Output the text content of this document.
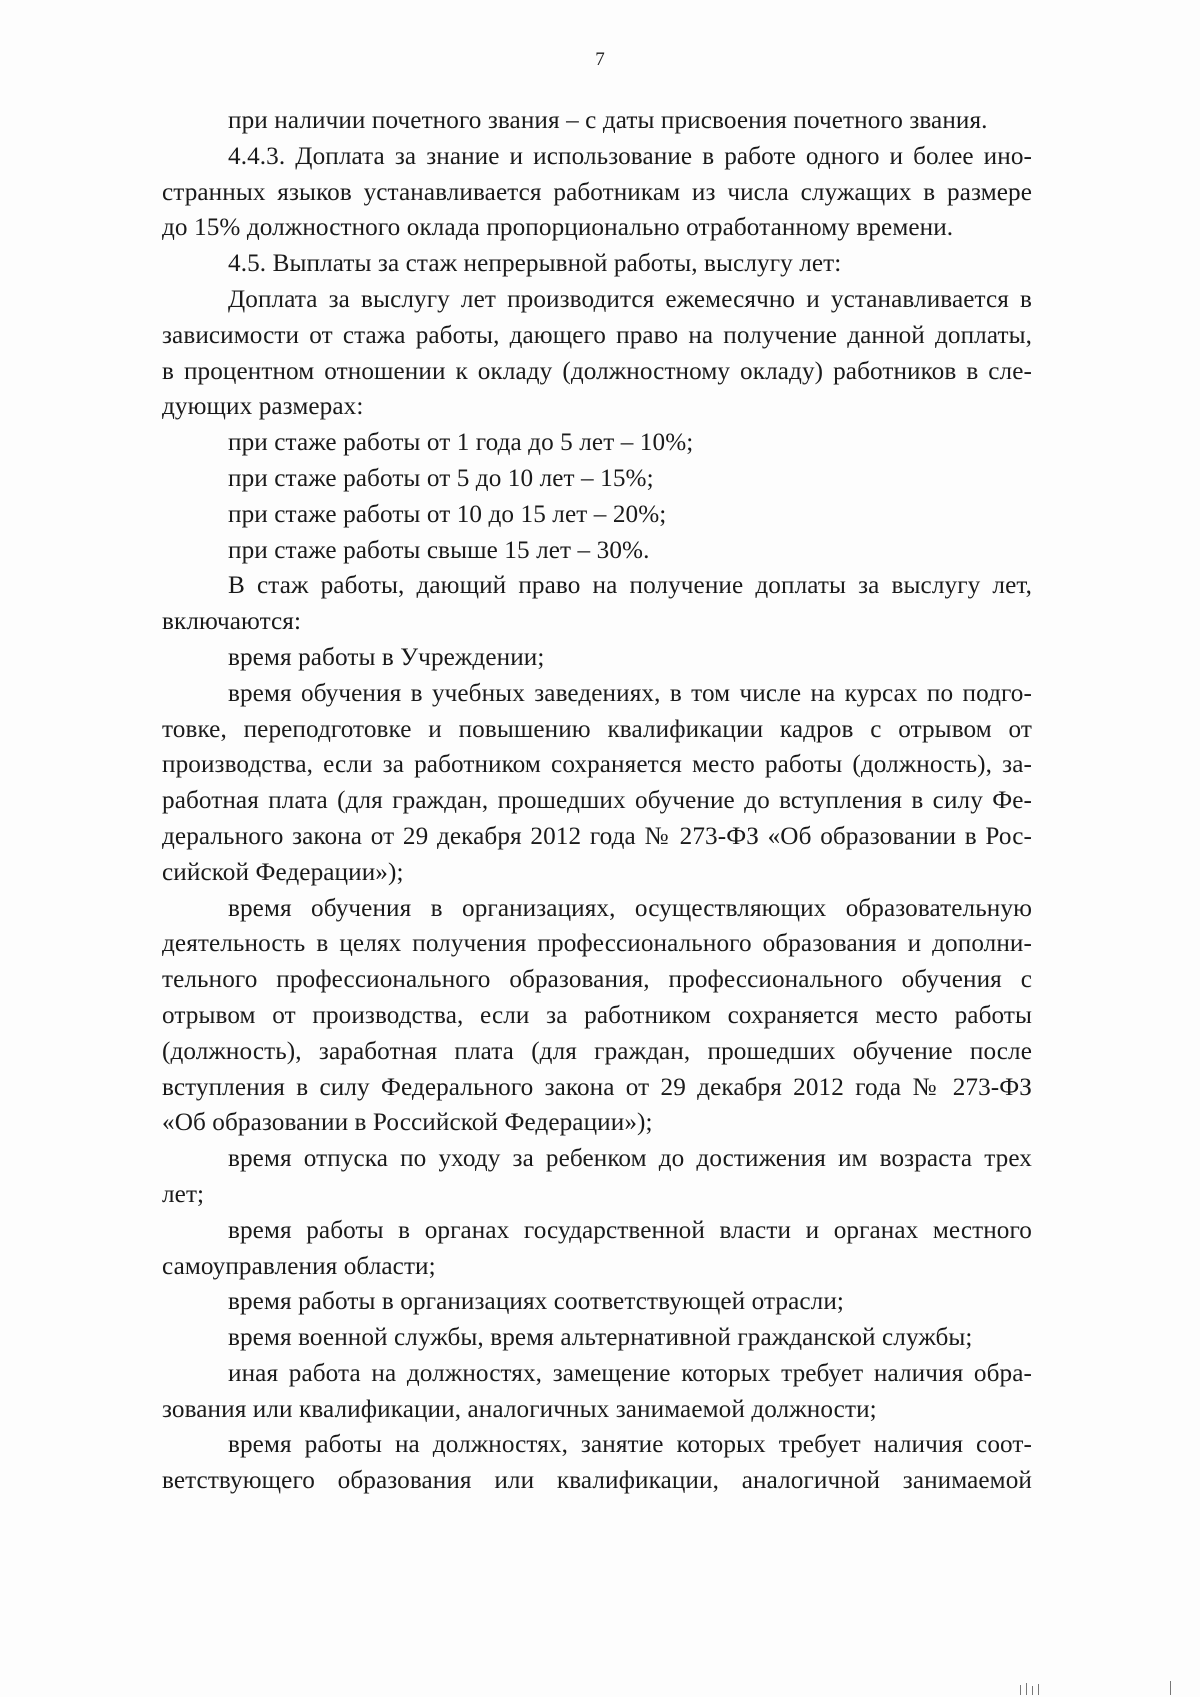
7
при наличии почетного звания – с даты присвоения почетного звания.
4.4.3. Доплата за знание и использование в работе одного и более ино-
странных языков устанавливается работникам из числа служащих в размере
до 15% должностного оклада пропорционально отработанному времени.
4.5. Выплаты за стаж непрерывной работы, выслугу лет:
Доплата за выслугу лет производится ежемесячно и устанавливается в
зависимости от стажа работы, дающего право на получение данной доплаты,
в процентном отношении к окладу (должностному окладу) работников в сле-
дующих размерах:
при стаже работы от 1 года до 5 лет – 10%;
при стаже работы от 5 до 10 лет – 15%;
при стаже работы от 10 до 15 лет – 20%;
при стаже работы свыше 15 лет – 30%.
В стаж работы, дающий право на получение доплаты за выслугу лет,
включаются:
время работы в Учреждении;
время обучения в учебных заведениях, в том числе на курсах по подго-
товке, переподготовке и повышению квалификации кадров с отрывом от
производства, если за работником сохраняется место работы (должность), за-
работная плата (для граждан, прошедших обучение до вступления в силу Фе-
дерального закона от 29 декабря 2012 года № 273-ФЗ «Об образовании в Рос-
сийской Федерации»);
время обучения в организациях, осуществляющих образовательную
деятельность в целях получения профессионального образования и дополни-
тельного профессионального образования, профессионального обучения с
отрывом от производства, если за работником сохраняется место работы
(должность), заработная плата (для граждан, прошедших обучение после
вступления в силу Федерального закона от 29 декабря 2012 года № 273-ФЗ
«Об образовании в Российской Федерации»);
время отпуска по уходу за ребенком до достижения им возраста трех
лет;
время работы в органах государственной власти и органах местного
самоуправления области;
время работы в организациях соответствующей отрасли;
время военной службы, время альтернативной гражданской службы;
иная работа на должностях, замещение которых требует наличия обра-
зования или квалификации, аналогичных занимаемой должности;
время работы на должностях, занятие которых требует наличия соот-
ветствующего образования или квалификации, аналогичной занимаемой
